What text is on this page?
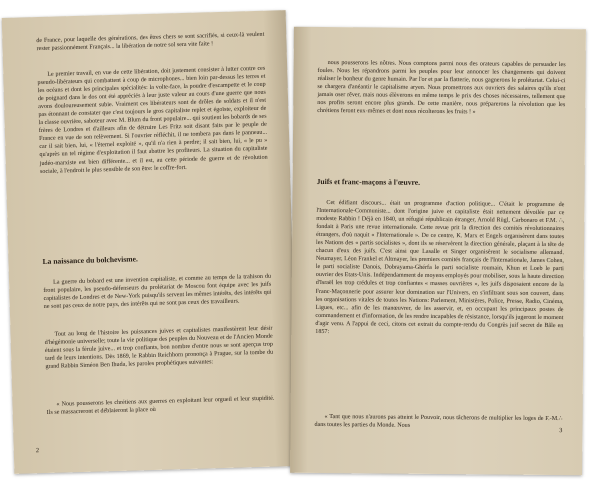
de France, pour laquelle des générations, des êtres chers se sont sacrifiés, si ceux-là veulent rester passionnément Français... la libération de notre sol sera vite faite !

Le premier travail, en vue de cette libération, doit justement consister à lutter contre ces pseudo-libérateurs qui combattent à coup de microphones... bien loin par-dessus les terres et les océans et dont les principales spécialités: la volte-face, la poudre d'escampette et le coup de poignard dans le dos ont été appréciés à leur juste valeur au cours d'une guerre que nous avons douloureusement subie. Vraiment ces libérateurs sont de drôles de soldats et il n'est pas étonnant de constater que c'est toujours le gros capitaliste replet et égoïste, exploiteur de la classe ouvrière, saboteur avec M. Blum du front populaire... qui soutient les bobards de ses frères de Londres et d'ailleurs afin de détruire Les Fritz soit disant faits par le peuple de France en vue de son relèvement. Si l'ouvrier réfléchit, il ne tombera pas dans le panneau... car il sait bien, lui, « l'éternel exploité », qu'il n'a rien à perdre; il sait bien, lui, « le pu » qu'après un tel régime d'exploitation il faut abattre les profiteurs. La situation du capitaliste judéo-marxiste est bien différente... et il est, au cette période de guerre et de révolution sociale, à l'endroit le plus sensible de son être: le coffre-fort.

La naissance du bolchevisme.

La guerre du bobard est une invention capitaliste, et comme au temps de la trahison du front populaire, les pseudo-défenseurs du prolétariat de Moscou font équipe avec les juifs capitalistes de Londres et de New-York puisqu'ils servent les mêmes intérêts, des intérêts qui ne sont pas ceux de notre pays, des intérêts qui ne sont pas ceux des travailleurs.

Tout au long de l'histoire les puissances juives et capitalistes manifestèrent leur désir d'hégémonie universelle; toute la vie politique des peuples du Nouveau et de l'Ancien Monde étaient sous la férule juive... et trop confiants, bon nombre d'entre nous se sont aperçus trop tard de leurs intentions. Dès 1869, le Rabbin Reichhorn prononça à Prague, sur la tombe du grand Rabbin Siméon Ben Ihuda, les paroles prophétiques suivantes:

« Nous pousserons les chrétiens aux guerres en exploitant leur orgueil et leur stupidité. Ils se massacreront et déblaieront la place où

2

nous pousserons les nôtres. Nous comptons parmi nous des orateurs capables de persuader les foules. Nous les répandrons parmi les peuples pour leur annoncer les changements qui doivent réaliser le bonheur du genre humain. Par l'or et par la flatterie, nous gagnerons le prolétariat. Celui-ci se chargera d'anéantir le capitalisme aryen. Nous promettrons aux ouvriers des salaires qu'ils n'ont jamais oser rêver, mais nous élèverons en même temps le prix des choses nécessaires, tellement que nos profits seront encore plus grands. De cette manière, nous préparerons la révolution que les chrétiens feront eux-mêmes et dont nous récolterons les fruits ! »

Juifs et franc-maçons à l'œuvre.

Cet édifiant discours... était un programme d'action politique... C'était le programme de l'Internationale-Communiste... dont l'origine juive et capitaliste était nettement dévoilée par ce modeste Rabbin ! Déjà en 1840, un réfugié républicain étranger, Arnold Rügl, Carbonaro et F.M. ∴, fondait à Paris une revue internationale. Cette revue prit la direction des comités révolutionnaires étrangers, d'où naquit « l'Internationale ». De ce centre, K. Marx et Engels organisèrent dans toutes les Nations des « partis socialistes », dont ils se réservèrent la direction générale, plaçant à la tête de chacun d'eux des juifs. C'est ainsi que Lasalle et Singer organisèrent le socialisme allemand. Neumayer, Léon Frankel et Altmayer, les premiers comités français de l'Internationale, James Cohen, le parti socialiste Danois, Dobrayama-Ghérfa le parti socialiste roumain, Khun et Loeb le parti ouvrier des Etats-Unis. Indépendamment de moyens employés pour mobiliser, sous la haute direction d'Israël les trop crédules et trop confiantes « masses ouvrières », les juifs disposaient encore de la Franc-Maçonnerie pour assurer leur domination sur l'Univers, en s'infiltrant sous son couvert, dans les organisations vitales de toutes les Nations: Parlement, Ministères, Police, Presse, Radio, Cinéma, Ligues, etc... afin de les manœuvrer, de les asservir, et, en occupant les principaux postes de commandement et d'information, de les rendre incapables de résistance, lorsqu'ils jugeront le moment d'agir venu. A l'appui de ceci, citons cet extrait du compte-rendu du Congrès juif secret de Bâle en 1857:

« Tant que nous n'aurons pas atteint le Pouvoir, nous tâcherons de multiplier les loges de F.-M.∴ dans toutes les parties du Monde. Nous

3
